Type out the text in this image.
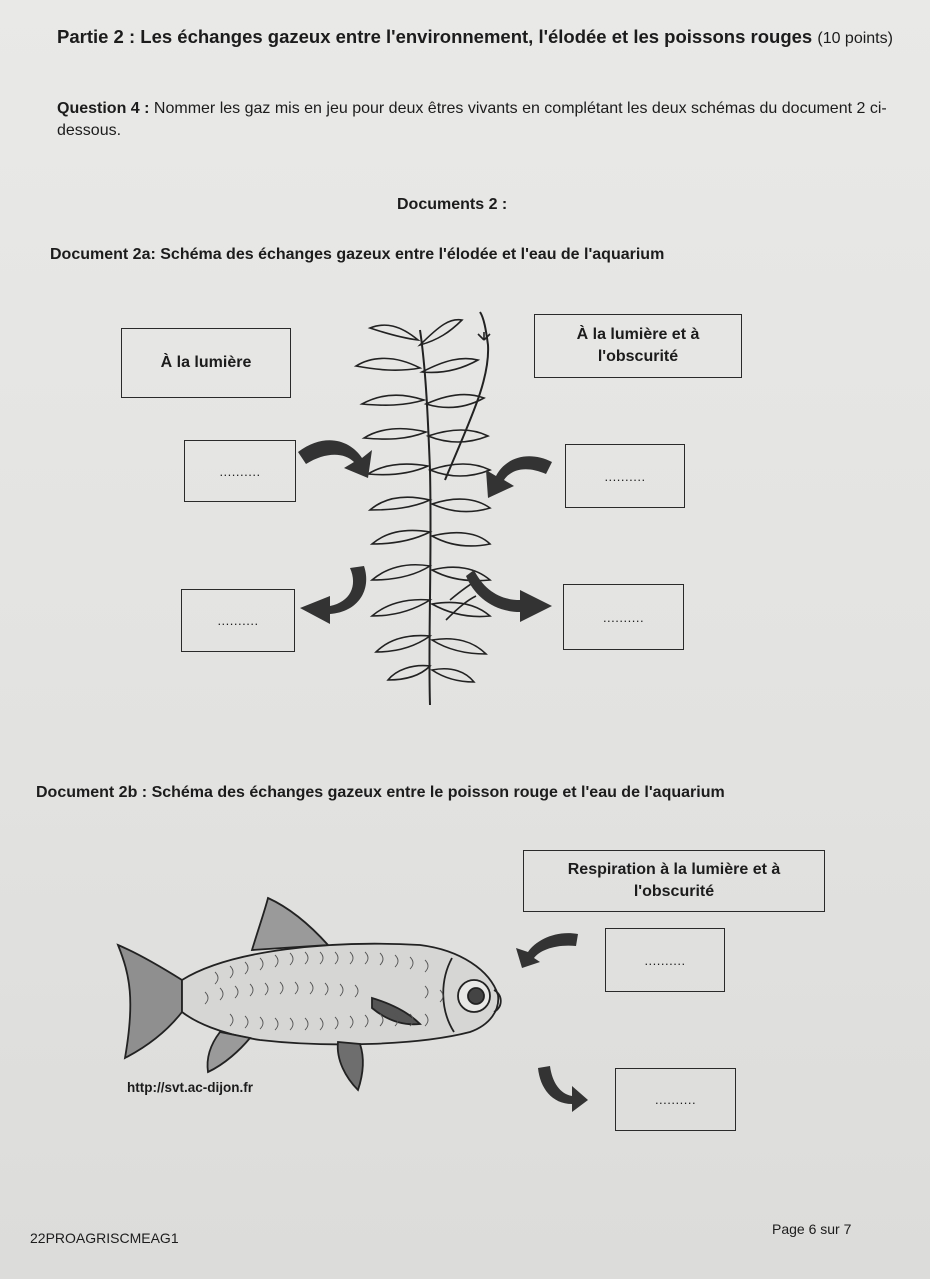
Partie 2 : Les échanges gazeux entre l'environnement, l'élodée et les poissons rouges (10 points)

Question 4 : Nommer les gaz mis en jeu pour deux êtres vivants en complétant les deux schémas du document 2 ci-dessous.

Documents 2 :

Document 2a: Schéma des échanges gazeux entre l'élodée et l'eau de l'aquarium

À la lumière
À la lumière et à l'obscurité
..........	..........
..........	..........

Document 2b : Schéma des échanges gazeux entre le poisson rouge et l'eau de l'aquarium

Respiration à la lumière et à l'obscurité
..........
..........

http://svt.ac-dijon.fr

22PROAGRISCMEAG1

Page 6 sur 7
